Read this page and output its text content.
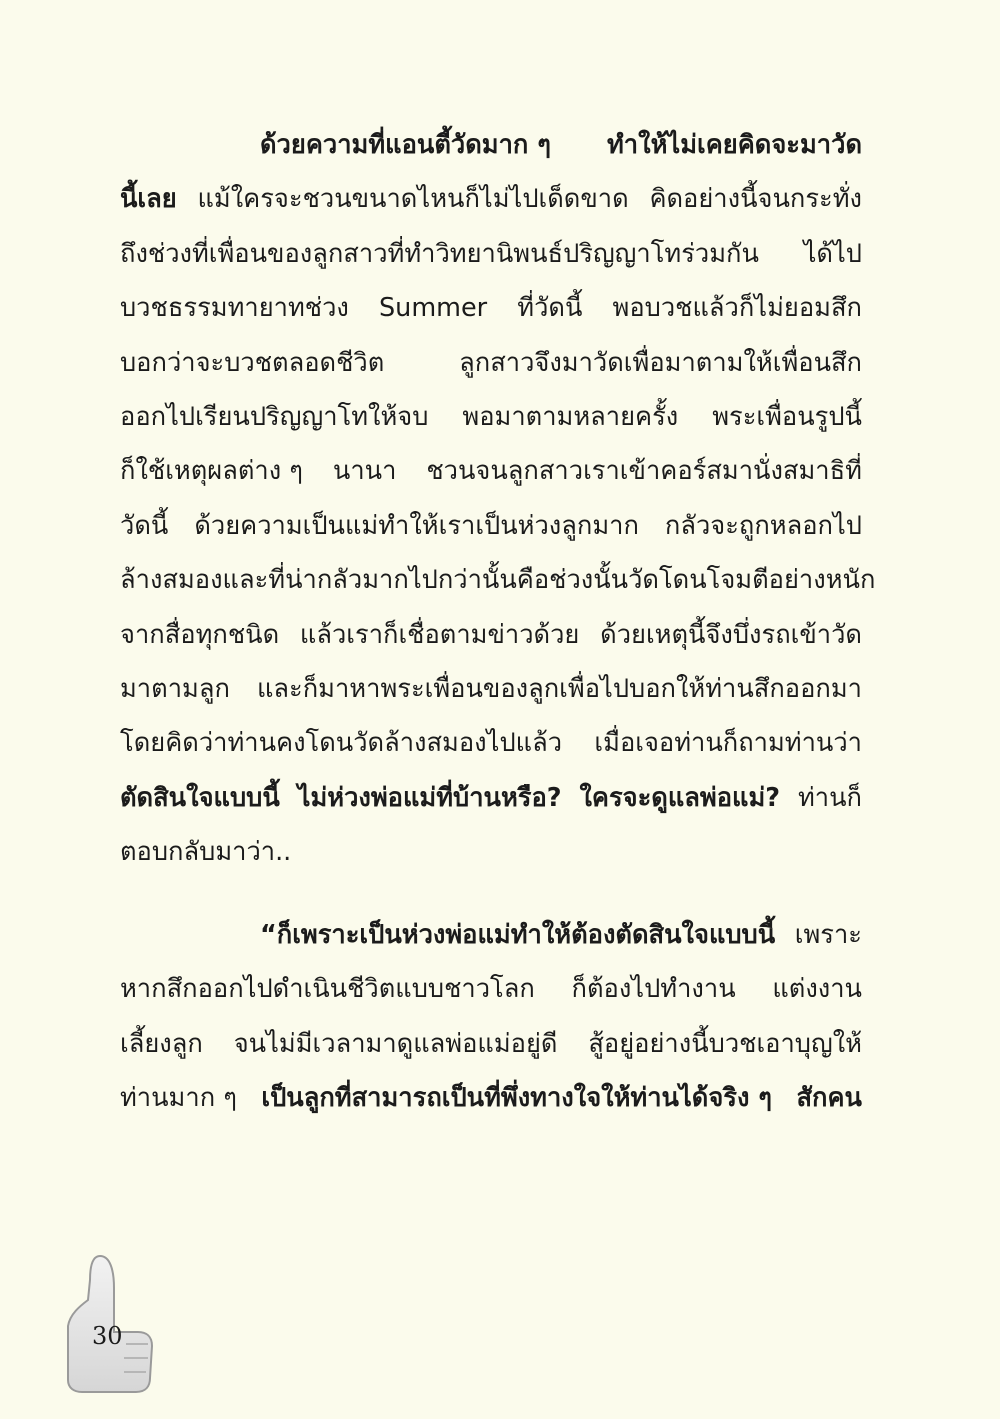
ด้วยความที่แอนตี้วัดมาก ๆ ทำให้ไม่เคยคิดจะมาวัด
นี้เลย แม้ใครจะชวนขนาดไหนก็ไม่ไปเด็ดขาด คิดอย่างนี้จนกระทั่ง
ถึงช่วงที่เพื่อนของลูกสาวที่ทำวิทยานิพนธ์ปริญญาโทร่วมกัน ได้ไป
บวชธรรมทายาทช่วง Summer ที่วัดนี้ พอบวชแล้วก็ไม่ยอมสึก
บอกว่าจะบวชตลอดชีวิต	ลูกสาวจึงมาวัดเพื่อมาตามให้เพื่อนสึก
ออกไปเรียนปริญญาโทให้จบ พอมาตามหลายครั้ง พระเพื่อนรูปนี้
ก็ใช้เหตุผลต่าง ๆ นานา ชวนจนลูกสาวเราเข้าคอร์สมานั่งสมาธิที่
วัดนี้ ด้วยความเป็นแม่ทำให้เราเป็นห่วงลูกมาก กลัวจะถูกหลอกไป
ล้างสมอง และที่น่ากลัวมากไปกว่านั้น คือ ช่วงนั้นวัดโดนโจมตีอย่างหนัก
จากสื่อทุกชนิด แล้วเราก็เชื่อตามข่าวด้วย ด้วยเหตุนี้จึงบึ่งรถเข้าวัด
มาตามลูก และก็มาหาพระเพื่อนของลูกเพื่อไปบอกให้ท่านสึกออกมา
โดยคิดว่าท่านคงโดนวัดล้างสมองไปแล้ว เมื่อเจอท่านก็ถามท่านว่า
ตัดสินใจแบบนี้ ไม่ห่วงพ่อแม่ที่บ้านหรือ? ใครจะดูแลพ่อแม่? ท่านก็
ตอบกลับมาว่า..
“ก็เพราะเป็นห่วงพ่อแม่ทำให้ต้องตัดสินใจแบบนี้ เพราะ
หากสึกออกไปดำเนินชีวิตแบบชาวโลก ก็ต้องไปทำงาน แต่งงาน
เลี้ยงลูก จนไม่มีเวลามาดูแลพ่อแม่อยู่ดี สู้อยู่อย่างนี้บวชเอาบุญให้
ท่านมาก ๆ เป็นลูกที่สามารถเป็นที่พึ่งทางใจให้ท่านได้จริง ๆ สักคน
30
